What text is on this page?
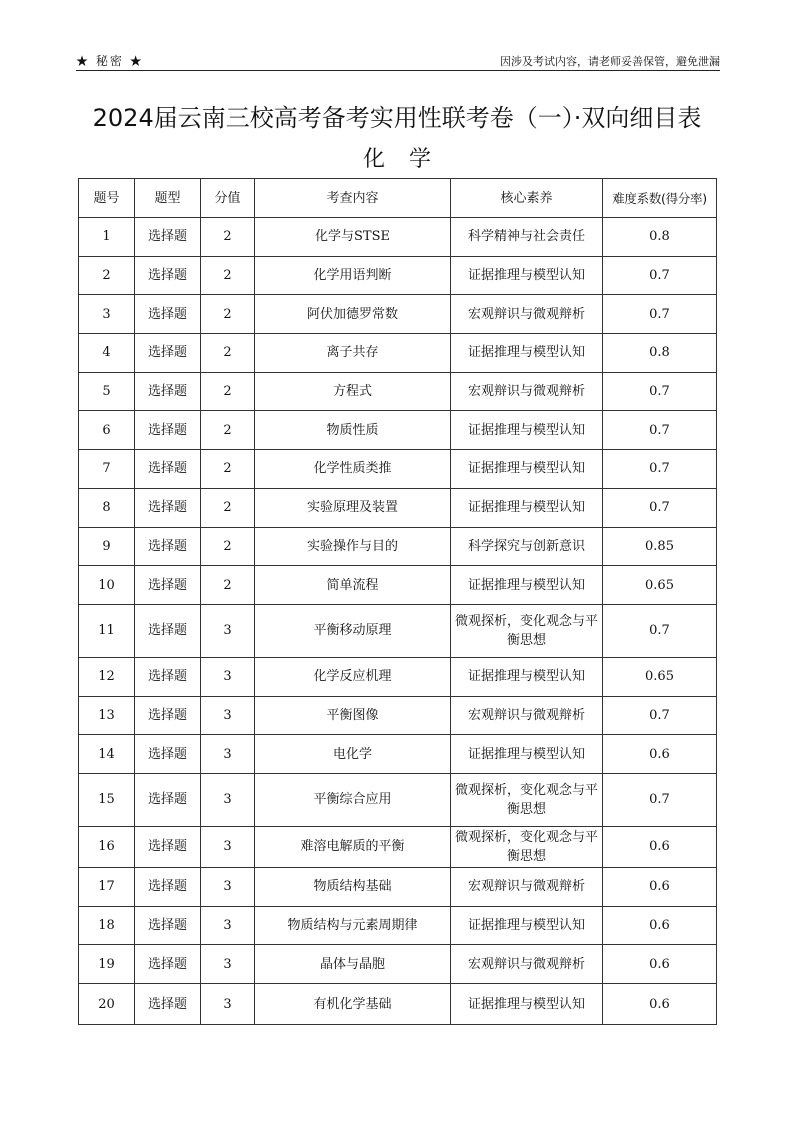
★ 秘密 ★	因涉及考试内容，请老师妥善保管，避免泄漏
2024届云南三校高考备考实用性联考卷（一）·双向细目表
化学
题号	题型	分值	考查内容	核心素养	难度系数(得分率)
1	选择题	2	化学与STSE	科学精神与社会责任	0.8
2	选择题	2	化学用语判断	证据推理与模型认知	0.7
3	选择题	2	阿伏加德罗常数	宏观辩识与微观辩析	0.7
4	选择题	2	离子共存	证据推理与模型认知	0.8
5	选择题	2	方程式	宏观辩识与微观辩析	0.7
6	选择题	2	物质性质	证据推理与模型认知	0.7
7	选择题	2	化学性质类推	证据推理与模型认知	0.7
8	选择题	2	实验原理及装置	证据推理与模型认知	0.7
9	选择题	2	实验操作与目的	科学探究与创新意识	0.85
10	选择题	2	简单流程	证据推理与模型认知	0.65
11	选择题	3	平衡移动原理	微观探析，变化观念与平衡思想	0.7
12	选择题	3	化学反应机理	证据推理与模型认知	0.65
13	选择题	3	平衡图像	宏观辩识与微观辩析	0.7
14	选择题	3	电化学	证据推理与模型认知	0.6
15	选择题	3	平衡综合应用	微观探析，变化观念与平衡思想	0.7
16	选择题	3	难溶电解质的平衡	微观探析，变化观念与平衡思想	0.6
17	选择题	3	物质结构基础	宏观辩识与微观辩析	0.6
18	选择题	3	物质结构与元素周期律	证据推理与模型认知	0.6
19	选择题	3	晶体与晶胞	宏观辩识与微观辩析	0.6
20	选择题	3	有机化学基础	证据推理与模型认知	0.6
